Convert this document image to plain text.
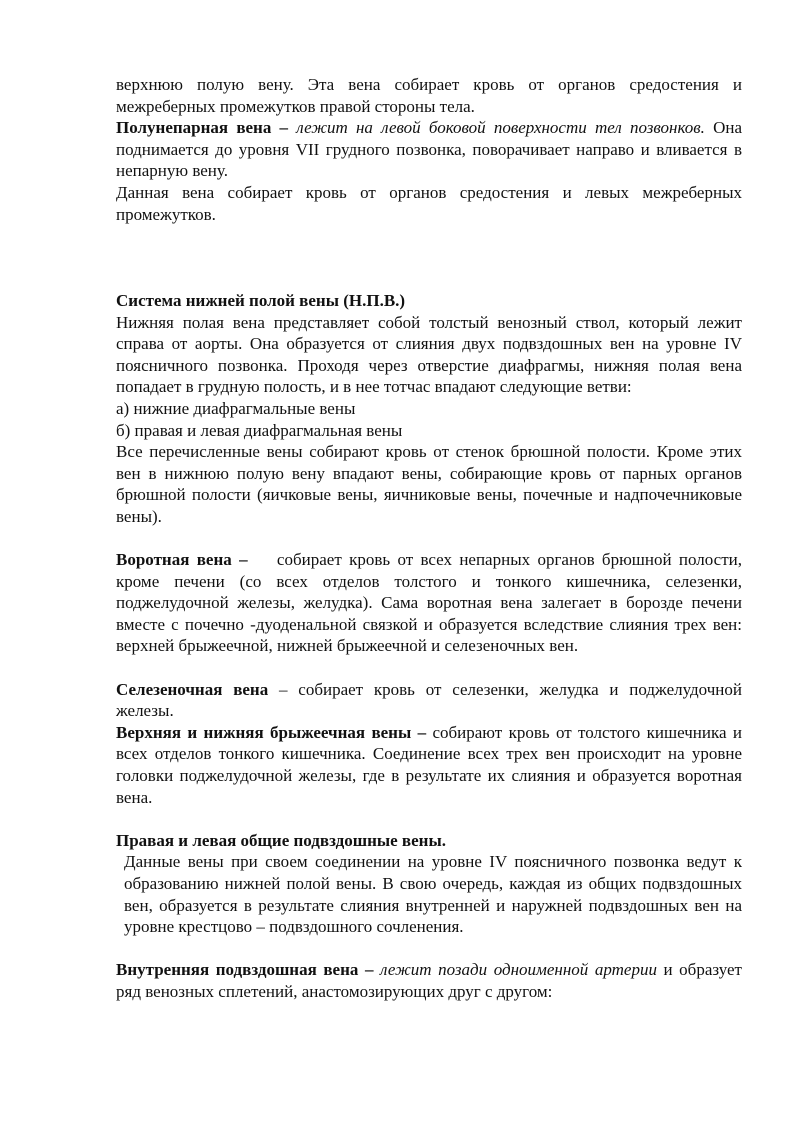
верхнюю полую вену. Эта вена собирает кровь от органов средостения и межреберных промежутков правой стороны тела.

Полунепарная вена – лежит на левой боковой поверхности тел позвонков. Она поднимается до уровня VII грудного позвонка, поворачивает направо и вливается в непарную вену.

Данная вена собирает кровь от органов средостения и левых межреберных промежутков.

Система нижней полой вены (Н.П.В.)

Нижняя полая вена представляет собой толстый венозный ствол, который лежит справа от аорты. Она образуется от слияния двух подвздошных вен на уровне IV поясничного позвонка. Проходя через отверстие диафрагмы, нижняя полая вена попадает в грудную полость, и в нее тотчас впадают следующие ветви:

а) нижние диафрагмальные вены

б) правая и левая диафрагмальная вены

Все перечисленные вены собирают кровь от стенок брюшной полости. Кроме этих вен в нижнюю полую вену впадают вены, собирающие кровь от парных органов брюшной полости (яичковые вены, яичниковые вены, почечные и надпочечниковые вены).

Воротная вена –    собирает кровь от всех непарных органов брюшной полости, кроме печени (со всех отделов толстого и тонкого кишечника, селезенки, поджелудочной железы, желудка). Сама воротная вена залегает в борозде печени вместе с почечно -дуоденальной связкой и образуется вследствие слияния трех вен: верхней брыжеечной, нижней брыжеечной и селезеночных вен.

Селезеночная вена – собирает кровь от селезенки, желудка и поджелудочной железы.

Верхняя и нижняя брыжеечная вены – собирают кровь от толстого кишечника и всех отделов тонкого кишечника. Соединение всех трех вен происходит на уровне головки поджелудочной железы, где в результате их слияния и образуется воротная вена.

Правая и левая общие подвздошные вены.

Данные вены при своем соединении на уровне IV поясничного позвонка ведут к образованию нижней полой вены. В свою очередь, каждая из общих подвздошных вен, образуется в результате слияния внутренней и наружней подвздошных вен на уровне крестцово – подвздошного сочленения.

Внутренняя подвздошная вена – лежит позади одноименной артерии и образует ряд венозных сплетений, анастомозирующих друг с другом:
